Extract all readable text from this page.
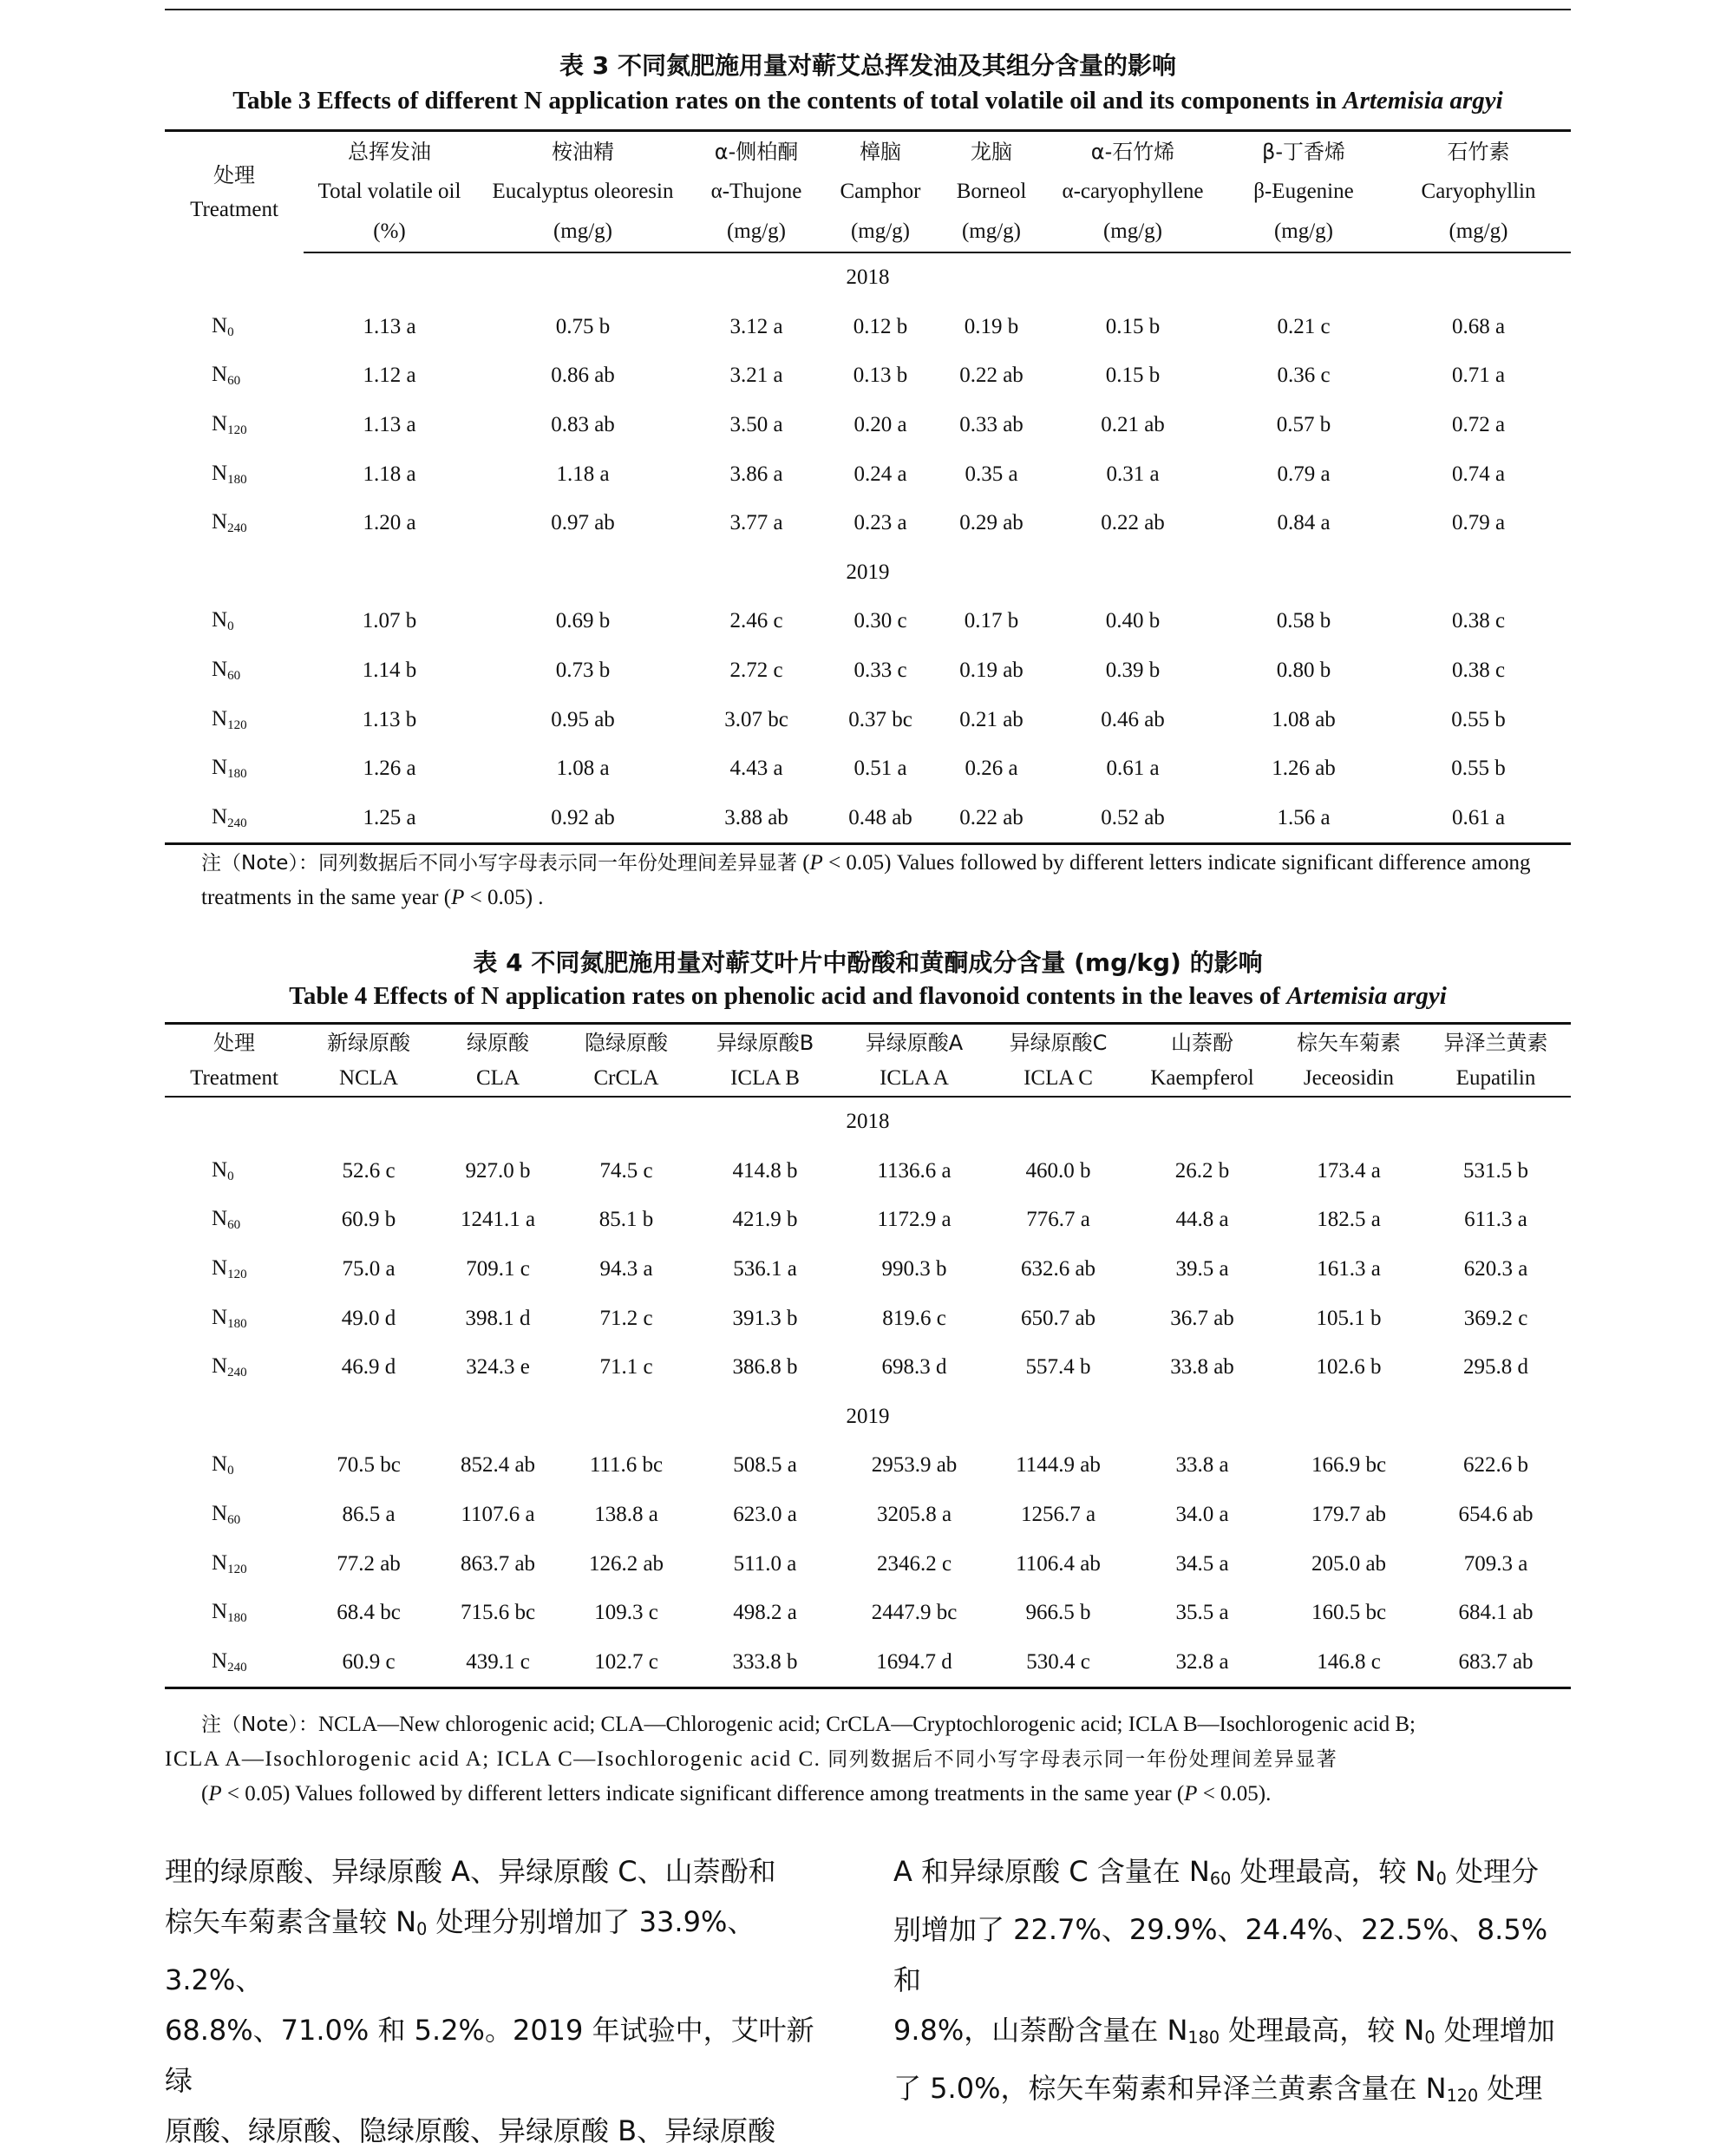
表 3 不同氮肥施用量对蕲艾总挥发油及其组分含量的影响
Table 3 Effects of different N application rates on the contents of total volatile oil and its components in Artemisia argyi
处理
Treatment	总挥发油	桉油精	α-侧柏酮	樟脑	龙脑	α-石竹烯	β-丁香烯	石竹素
	Total volatile oil	Eucalyptus oleoresin	α-Thujone	Camphor	Borneol	α-caryophyllene	β-Eugenine	Caryophyllin
	(%)	(mg/g)	(mg/g)	(mg/g)	(mg/g)	(mg/g)	(mg/g)	(mg/g)
2018								
$N_0$	1.13 a	0.75 b	3.12 a	0.12 b	0.19 b	0.15 b	0.21 c	0.68 a
$N_{60}$	1.12 a	0.86 ab	3.21 a	0.13 b	0.22 ab	0.15 b	0.36 c	0.71 a
$N_{120}$	1.13 a	0.83 ab	3.50 a	0.20 a	0.33 ab	0.21 ab	0.57 b	0.72 a
$N_{180}$	1.18 a	1.18 a	3.86 a	0.24 a	0.35 a	0.31 a	0.79 a	0.74 a
$N_{240}$	1.20 a	0.97 ab	3.77 a	0.23 a	0.29 ab	0.22 ab	0.84 a	0.79 a
2019								
$N_0$	1.07 b	0.69 b	2.46 c	0.30 c	0.17 b	0.40 b	0.58 b	0.38 c
$N_{60}$	1.14 b	0.73 b	2.72 c	0.33 c	0.19 ab	0.39 b	0.80 b	0.38 c
$N_{120}$	1.13 b	0.95 ab	3.07 bc	0.37 bc	0.21 ab	0.46 ab	1.08 ab	0.55 b
$N_{180}$	1.26 a	1.08 a	4.43 a	0.51 a	0.26 a	0.61 a	1.26 ab	0.55 b
$N_{240}$	1.25 a	0.92 ab	3.88 ab	0.48 ab	0.22 ab	0.52 ab	1.56 a	0.61 a
注（Note）：同列数据后不同小写字母表示同一年份处理间差异显著 (P < 0.05) Values followed by different letters indicate significant difference among treatments in the same year (P < 0.05) .
表 4 不同氮肥施用量对蕲艾叶片中酚酸和黄酮成分含量 (mg/kg) 的影响
Table 4 Effects of N application rates on phenolic acid and flavonoid contents in the leaves of Artemisia argyi
处理	新绿原酸	绿原酸	隐绿原酸	异绿原酸B	异绿原酸A	异绿原酸C	山萘酚	棕矢车菊素	异泽兰黄素
Treatment	NCLA	CLA	CrCLA	ICLA B	ICLA A	ICLA C	Kaempferol	Jeceosidin	Eupatilin
2018									
$N_0$	52.6 c	927.0 b	74.5 c	414.8 b	1136.6 a	460.0 b	26.2 b	173.4 a	531.5 b
$N_{60}$	60.9 b	1241.1 a	85.1 b	421.9 b	1172.9 a	776.7 a	44.8 a	182.5 a	611.3 a
$N_{120}$	75.0 a	709.1 c	94.3 a	536.1 a	990.3 b	632.6 ab	39.5 a	161.3 a	620.3 a
$N_{180}$	49.0 d	398.1 d	71.2 c	391.3 b	819.6 c	650.7 ab	36.7 ab	105.1 b	369.2 c
$N_{240}$	46.9 d	324.3 e	71.1 c	386.8 b	698.3 d	557.4 b	33.8 ab	102.6 b	295.8 d
2019									
$N_0$	70.5 bc	852.4 ab	111.6 bc	508.5 a	2953.9 ab	1144.9 ab	33.8 a	166.9 bc	622.6 b
$N_{60}$	86.5 a	1107.6 a	138.8 a	623.0 a	3205.8 a	1256.7 a	34.0 a	179.7 ab	654.6 ab
$N_{120}$	77.2 ab	863.7 ab	126.2 ab	511.0 a	2346.2 c	1106.4 ab	34.5 a	205.0 ab	709.3 a
$N_{180}$	68.4 bc	715.6 bc	109.3 c	498.2 a	2447.9 bc	966.5 b	35.5 a	160.5 bc	684.1 ab
$N_{240}$	60.9 c	439.1 c	102.7 c	333.8 b	1694.7 d	530.4 c	32.8 a	146.8 c	683.7 ab
注（Note）：NCLA—New chlorogenic acid; CLA—Chlorogenic acid; CrCLA—Cryptochlorogenic acid; ICLA B—Isochlorogenic acid B;
ICLA A—Isochlorogenic acid A; ICLA C—Isochlorogenic acid C. 同列数据后不同小写字母表示同一年份处理间差异显著
(P < 0.05) Values followed by different letters indicate significant difference among treatments in the same year (P < 0.05).
理的绿原酸、异绿原酸 A、异绿原酸 C、山萘酚和
棕矢车菊素含量较 $N_0$ 处理分别增加了 33.9%、3.2%、
68.8%、71.0% 和 5.2%。2019 年试验中，艾叶新绿
原酸、绿原酸、隐绿原酸、异绿原酸 B、异绿原酸
A 和异绿原酸 C 含量在 $N_{60}$ 处理最高，较 $N_0$ 处理分
别增加了 22.7%、29.9%、24.4%、22.5%、8.5% 和
9.8%，山萘酚含量在 $N_{180}$ 处理最高，较 $N_0$ 处理增加
了 5.0%，棕矢车菊素和异泽兰黄素含量在 $N_{120}$ 处理
